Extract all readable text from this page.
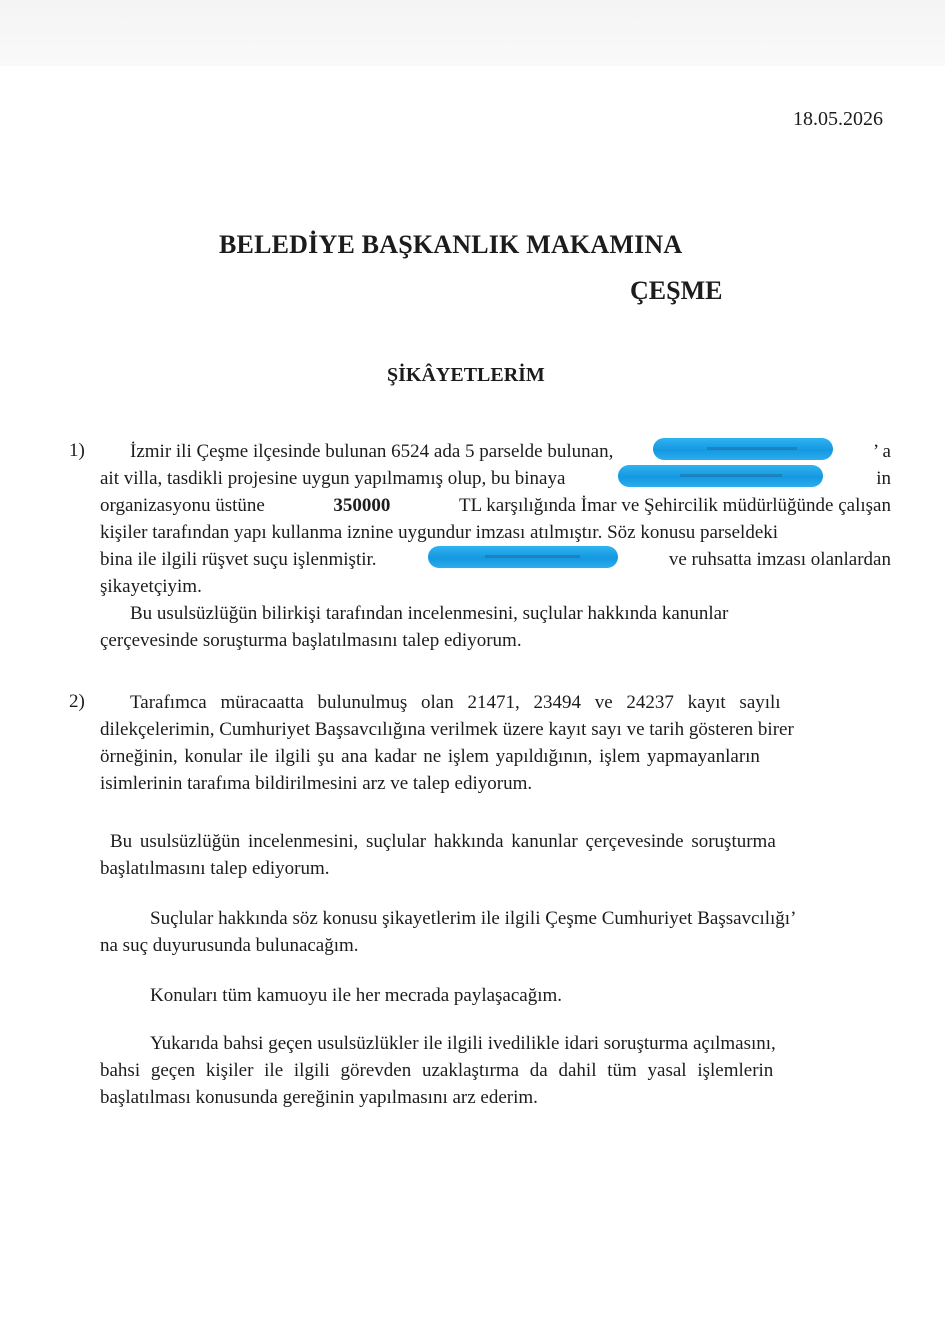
18.05.2026
BELEDİYE BAŞKANLIK MAKAMINA
ÇEŞME
ŞİKÂYETLERİM
1) İzmir ili Çeşme ilçesinde bulunan 6524 ada 5 parselde bulunan,	’ a
ait villa, tasdikli projesine uygun yapılmamış olup, bu binaya	in
organizasyonu üstüne	350000	TL karşılığında İmar ve Şehircilik müdürlüğünde çalışan
kişiler tarafından yapı kullanma iznine uygundur imzası atılmıştır. Söz konusu parseldeki
bina ile ilgili rüşvet suçu işlenmiştir.	ve ruhsatta imzası olanlardan
şikayetçiyim.
Bu usulsüzlüğün bilirkişi tarafından incelenmesini, suçlular hakkında kanunlar
çerçevesinde soruşturma başlatılmasını talep ediyorum.
2)	Tarafımca müracaatta bulunulmuş olan 21471, 23494 ve 24237 kayıt sayılı
dilekçelerimin, Cumhuriyet Başsavcılığına verilmek üzere kayıt sayı ve tarih gösteren birer
örneğinin, konular ile ilgili şu ana kadar ne işlem yapıldığının, işlem yapmayanların
isimlerinin tarafıma bildirilmesini arz ve talep ediyorum.
Bu usulsüzlüğün incelenmesini, suçlular hakkında kanunlar çerçevesinde soruşturma
başlatılmasını talep ediyorum.
Suçlular hakkında söz konusu şikayetlerim ile ilgili Çeşme Cumhuriyet Başsavcılığı’
na suç duyurusunda bulunacağım.
Konuları tüm kamuoyu ile her mecrada paylaşacağım.
Yukarıda bahsi geçen usulsüzlükler ile ilgili ivedilikle idari soruşturma açılmasını,
bahsi geçen kişiler ile ilgili görevden uzaklaştırma da dahil tüm yasal işlemlerin
başlatılması konusunda gereğinin yapılmasını arz ederim.
